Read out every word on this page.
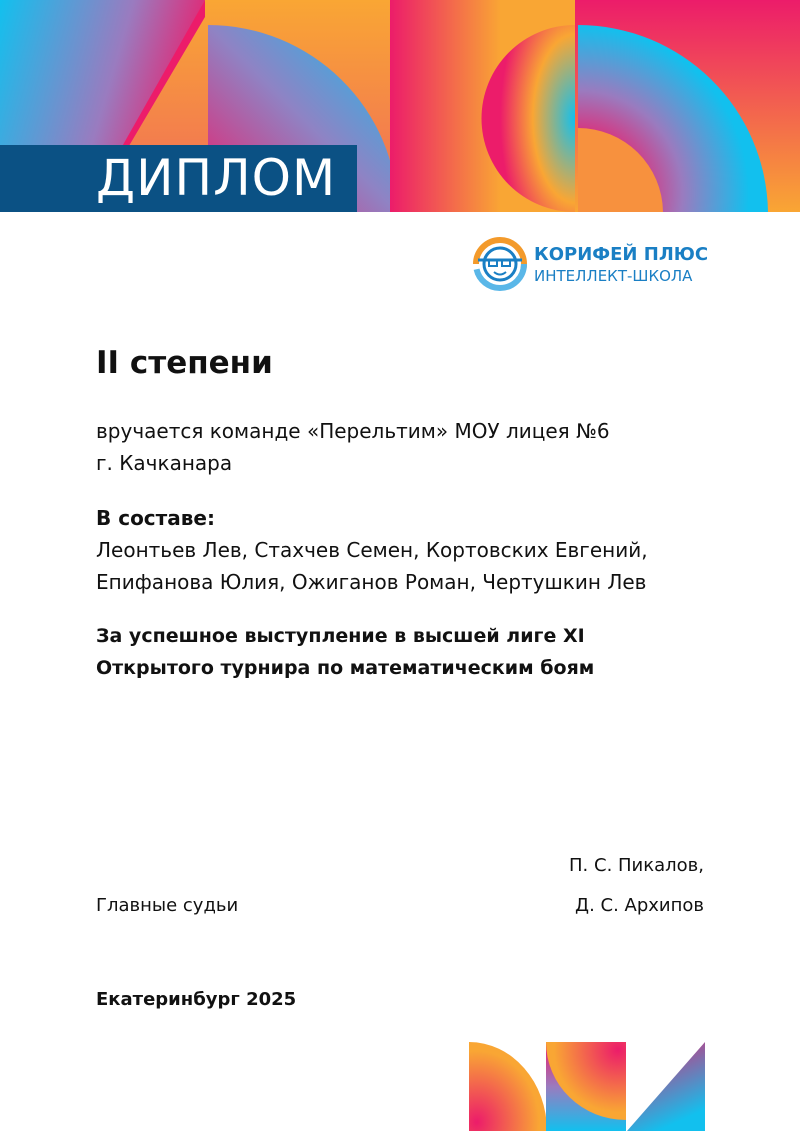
ДИПЛОМ
КОРИФЕЙ ПЛЮС
ИНТЕЛЛЕКТ-ШКОЛА
II степени
вручается команде «Перельтим» МОУ лицея №6
г. Качканара
В составе:
Леонтьев Лев, Стахчев Семен, Кортовских Евгений,
Епифанова Юлия, Ожиганов Роман, Чертушкин Лев
За успешное выступление в высшей лиге XI
Открытого турнира по математическим боям
П. С. Пикалов,
Главные судьи	Д. С. Архипов
Екатеринбург 2025
